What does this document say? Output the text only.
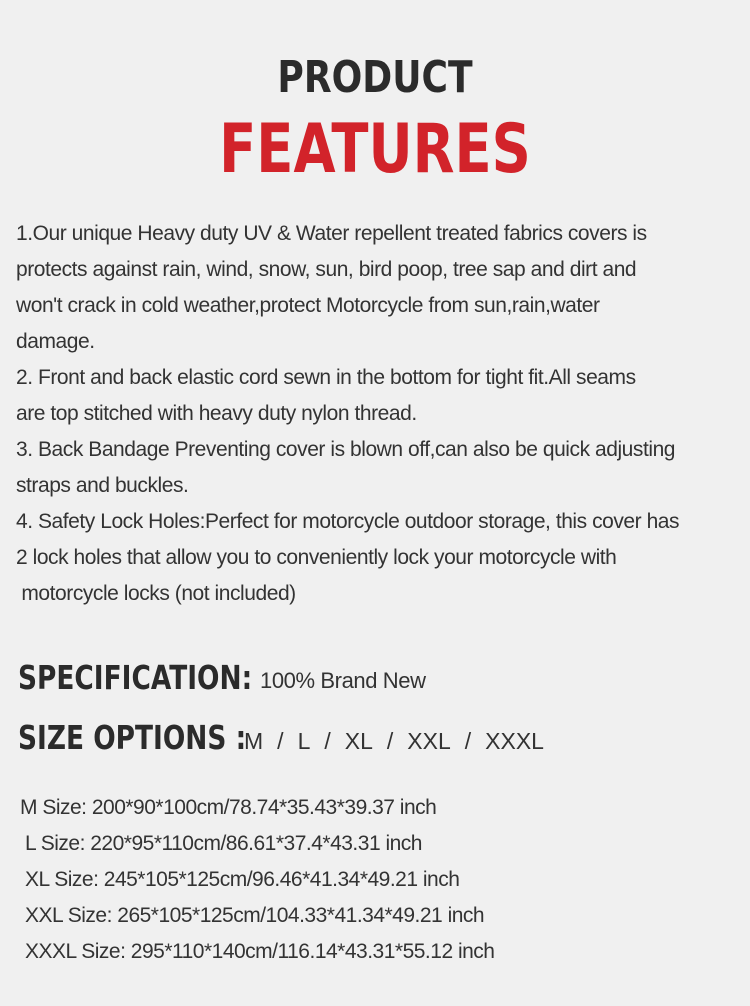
PRODUCT
FEATURES

1.Our unique Heavy duty UV & Water repellent treated fabrics covers is

protects against rain, wind, snow, sun, bird poop, tree sap and dirt and

won't crack in cold weather,protect Motorcycle from sun,rain,water

damage.

2. Front and back elastic cord sewn in the bottom for tight fit.All seams

are top stitched with heavy duty nylon thread.

3. Back Bandage Preventing cover is blown off,can also be quick adjusting

straps and buckles.

4. Safety Lock Holes:Perfect for motorcycle outdoor storage, this cover has

2 lock holes that allow you to conveniently lock your motorcycle with

motorcycle locks (not included)

SPECIFICATION: 100% Brand New
SIZE OPTIONS :
M / L / XL / XXL / XXXL

M Size: 200*90*100cm/78.74*35.43*39.37 inch

L Size: 220*95*110cm/86.61*37.4*43.31 inch

XL Size: 245*105*125cm/96.46*41.34*49.21 inch

XXL Size: 265*105*125cm/104.33*41.34*49.21 inch

XXXL Size: 295*110*140cm/116.14*43.31*55.12 inch
